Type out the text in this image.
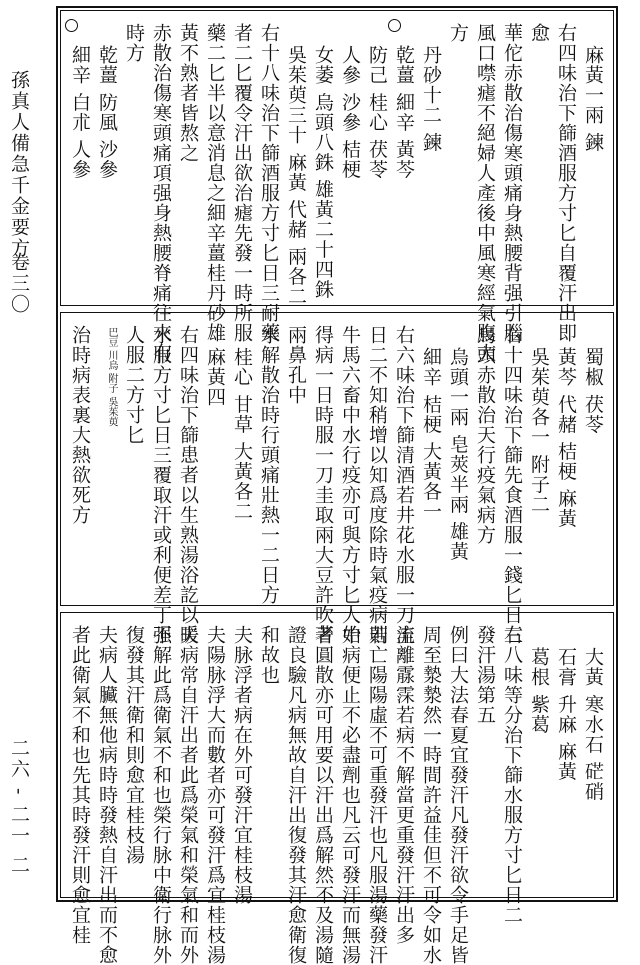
孫真人備急千金要方
卷三〇
二六 - 二一 二
麻黃一兩 鍊
右四味治下篩酒服方寸匕自覆汗出即
愈
華佗赤散治傷寒頭痛身熱腰背强引腦
風口噤瘧不絕婦人產後中風寒經氣腹大
方
丹砂十二 鍊
乾薑 細辛 黃芩
防己 桂心 茯苓
人參 沙參 桔梗
女萎 烏頭八銖 雄黃二十四銖
吳茱萸三十 麻黃 代赭 兩各二
右十八味治下篩酒服方寸匕日三耐藥
者二匕覆令汗出欲治瘧先發一時所服
藥二匕半以意消息之細辛薑桂丹砂雄
黃不熟者皆熬之
赤散治傷寒頭痛項强身熱腰脊痛往來有
時方
乾薑 防風 沙參
細辛 白朮 人參
蜀椒 茯苓
黃芩 代赭 桔梗 麻黃
吳茱萸各一 附子二
右十四味治下篩先食酒服一錢匕日三
烏頭赤散治天行疫氣病方
烏頭一兩 皂莢半兩 雄黃
細辛 桔梗 大黃各一
右六味治下篩清酒若井花水服一刀圭
日二不知稍增以知爲度除時氣疫病若
牛馬六畜中水行疫亦可與方寸匕人始
得病一日時服一刀圭取兩大豆許吹著
兩鼻孔中
水解散治時行頭痛壯熱一二日方
桂心 甘草 大黃各二
麻黃四
右四味治下篩患者以生熟湯浴訖以暖
水服方寸匕日三覆取汗或利便差丁强
人服二方寸匕
治時病表裏大熱欲死方 巴豆 川烏 附子 吳茱萸
大黃 寒水石 硭硝
石膏 升麻 麻黃
葛根 紫葛
右八味等分治下篩水服方寸匕日二
發汗湯第五
例曰大法春夏宜發汗凡發汗欲令手足皆
周至漐漐然一時間許益佳但不可令如水
流離霡霂若病不解當更重發汗汗出多
則亡陽陽虛不可重發汗也凡服湯藥發汗
中病便止不必盡劑也凡云可發汗而無湯
者圓散亦可用要以汗出爲解然不及湯隨
證良驗凡病無故自汗出復發其汗愈衛復
和故也
夫脉浮者病在外可發汗宜桂枝湯
夫陽脉浮大而數者亦可發汗爲宜桂枝湯
夫病常自汗出者此爲榮氣和榮氣和而外
不解此爲衛氣不和也榮行脉中衛行脉外
復發其汗衛和則愈宜桂枝湯
夫病人臟無他病時時發熱自汗出而不愈
者此衛氣不和也先其時發汗則愈宜桂
